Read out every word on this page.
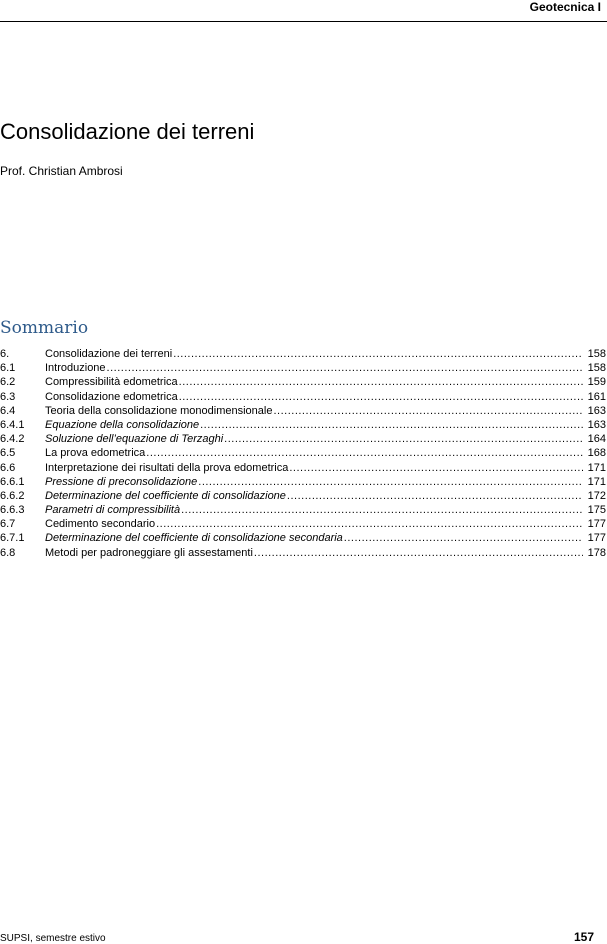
Geotecnica I
Consolidazione dei terreni
Prof. Christian Ambrosi
Sommario
6.	Consolidazione dei terreni .....	158
6.1	Introduzione .....	158
6.2	Compressibilità edometrica .....	159
6.3	Consolidazione edometrica .....	161
6.4	Teoria della consolidazione monodimensionale .....	163
6.4.1	Equazione della consolidazione .....	163
6.4.2	Soluzione dell’equazione di Terzaghi .....	164
6.5	La prova edometrica .....	168
6.6	Interpretazione dei risultati della prova edometrica .....	171
6.6.1	Pressione di preconsolidazione .....	171
6.6.2	Determinazione del coefficiente di consolidazione .....	172
6.6.3	Parametri di compressibilità .....	175
6.7	Cedimento secondario .....	177
6.7.1	Determinazione del coefficiente di consolidazione secondaria .....	177
6.8	Metodi per padroneggiare gli assestamenti .....	178
SUPSI, semestre estivo	157
